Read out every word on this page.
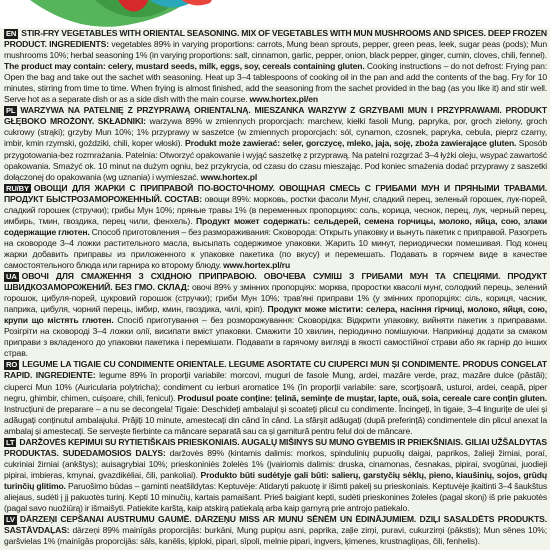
EN STIR-FRY VEGETABLES WITH ORIENTAL SEASONING. MIX OF VEGETABLES WITH MUN MUSHROOMS AND SPICES. DEEP FROZEN PRODUCT. INGREDIENTS: vegetables 89% in varying proportions: carrots, Mung bean sprouts, pepper, green peas, leek, sugar peas (pods); Mun mushrooms 10%; herbal seasoning 1% (in varying proportions: salt, cinnamon, garlic, pepper, onion, black pepper, ginger, cumin, cloves, chili, fennel). The product may contain: celery, mustard seeds, milk, eggs, soy, cereals containing gluten. Cooking instructions – do not defrost: Frying pan: Open the bag and take out the sachet with seasoning. Heat up 3–4 tablespoons of cooking oil in the pan and add the contents of the bag. Fry for 10 minutes, stirring from time to time. When frying is almost finished, add the seasoning from the sachet provided in the bag (as you like it) and stir well. Serve hot as a separate dish or as a side dish with the main course. www.hortex.pl/en

PL WARZYWA NA PATELNIĘ Z PRZYPRAWĄ ORIENTALNĄ. MIESZANKA WARZYW Z GRZYBAMI MUN I PRZYPRAWAMI. PRODUKT GŁĘBOKO MROŻONY. SKŁADNIKI: warzywa 89% w zmiennych proporcjach: marchew, kiełki fasoli Mung, papryka, por, groch zielony, groch cukrowy (strąki); grzyby Mun 10%; 1% przyprawy w saszetce (w zmiennych proporcjach: sól, cynamon, czosnek, papryka, cebula, pieprz czarny, imbir, kmin rzymski, goździki, chili, koper włoski). Produkt może zawierać: seler, gorczycę, mleko, jaja, soję, zboża zawierające gluten. Sposób przygotowania-bez rozmrażania. Patelnia: Otworzyć opakowanie i wyjąć saszetkę z przyprawą. Na patelni rozgrzać 3–4 łyżki oleju, wsypać zawartość opakowania. Smażyć ok. 10 minut na dużym ogniu, bez przykrycia, od czasu do czasu mieszając. Pod koniec smażenia dodać przyprawy z saszetki dołączonej do opakowania (wg uznania) i wymieszać. www.hortex.pl

RU/BY ОВОЩИ ДЛЯ ЖАРКИ С ПРИПРАВОЙ ПО-ВОСТОЧНОМУ. ОВОЩНАЯ СМЕСЬ С ГРИБАМИ МУН И ПРЯНЫМИ ТРАВАМИ. ПРОДУКТ БЫСТРОЗАМОРОЖЕННЫЙ. СОСТАВ: овощи 89%: морковь, ростки фасоли Мунг, сладкий перец, зеленый горошек, лук-порей, сладкий горошек (стручки); грибы Мун 10%; пряные травы 1% (в переменных пропорциях: соль, корица, чеснок, перец, лук, черный перец, имбирь, тмин, гвоздика, перец чили, фенхель). Продукт может содержать: сельдерей, семена горчицы, молоко, яйца, сою, злаки содержащие глютен. Способ приготовления – без размораживания: Сковорода: Открыть упаковку и вынуть пакетик с приправой. Разогреть на сковороде 3–4 ложки растительного масла, высыпать содержимое упаковки. Жарить 10 минут, периодически помешивая. Под конец жарки добавить приправы из приложенного к упаковке пакетика (по вкусу) и перемешать. Подавать в горячем виде в качестве самостоятельного блюда или гарнира ко второму блюду. www.hortex.pl/ru

UA ОВОЧІ ДЛЯ СМАЖЕННЯ З СХІДНОЮ ПРИПРАВОЮ. ОВОЧЕВА СУМІШ З ГРИБАМИ МУН ТА СПЕЦІЯМИ. ПРОДУКТ ШВИДКОЗАМОРОЖЕНИЙ. БЕЗ ГМО. СКЛАД: овочі 89% у змінних пропорціях: морква, проростки квасолі мунг, солодкий перець, зелений горошок, цибуля-порей, цукровий горошок (стручки); гриби Мун 10%; трав'яні приправи 1% (у змінних пропорціях: сіль, кориця, часник, паприка, цибуля, чорний перець, імбир, кмин, гвоздика, чилі, кріп). Продукт може містити: селера, насіння гірчиці, молоко, яйця, сою, крупи що містять глютен. Спосіб приготування – без розморожування: Сковорідка: Відкрити упаковку, вийняти пакетик з приправами. Розігріти на сковороді 3–4 ложки олії, висипати вміст упаковки. Смажити 10 хвилин, періодично помішуючи. Наприкінці додати за смаком приправи з вкладеного до упаковки пакетика і перемішати. Подавати в гарячому вигляді в якості самостійної страви або як гарнір до інших страв.

RO LEGUME LA TIGAIE CU CONDIMENTE ORIENTALE. LEGUME ASORTATE CU CIUPERCI MUN ȘI CONDIMENTE. PRODUS CONGELAT RAPID. INGREDIENTE: legume 89% în proporții variabile: morcovi, muguri de fasole Mung, ardei, mazăre verde, praz, mazăre dulce (păstăi); ciuperci Mun 10% (Auricularia polytricha); condiment cu ierburi aromatice 1% (în proporții variabile: sare, scorțișoară, usturoi, ardei, ceapă, piper negru, ghimbir, chimen, cuișoare, chili, fenicul). Produsul poate conține: țelină, semințe de muștar, lapte, ouă, soia, cereale care conțin gluten. Instrucțiuni de preparare – a nu se decongela! Tigaie: Deschideți ambalajul și scoateți plicul cu condimente. Încingeți, în tigaie, 3–4 lingurițe de ulei și adăugați conținutul ambalajului. Prăjiți 10 minute, amestecați din când în când. La sfârșit adăugați (după preferință) condimentele din plicul anexat la ambalaj și amestecați. Se servește fierbinte ca mâncare separată sau ca și garnitură pentru felul doi de mâncare.

LT DARŽOVĖS KEPIMUI SU RYTIETIŠKAIS PRIESKONIAIS. AUGALŲ MIŠINYS SU MUNO GYBEMIS IR PRIEKŠNIAIS. GILIAI UŽŠALDYTAS PRODUKTAS. SUDEDAMOSIOS DALYS: daržovės 89% (kintamis dalimis: morkos, spindulinių pupuolių daigai, paprikos, žalieji žirniai, poraí, cukriniai žirniai (ankštys); auisagrybiai 10%; prieskoniniės žolelės 1% (įvairiomis dalimis: druska, cinamonas, česnakas, pipirai, svogūnai, juodieji pipirai, imbieras, kmynai, gvazdikėliai, čili, pankoliai). Produkto būti sudėtyje gali būti: salierų, garstyčių sėklų, pieno, kiaušinių, sojos, grūdų turinčių glitimo. Paruošimo būdas – gaminti neatšildytas: Keptuvėje: Atidaryti pakuotę ir išimti pakelį su prieskoniais. Keptuvėje įkaitinti 3–4 šaukštus aliejaus, sudėti į jį pakuotės turinį. Kepti 10 minučių, kartais pamaišant. Prieš baigiant kepti, sudėti prieskonines žoleles (pagal skonį) iš prie pakuotės (pagal savo nuožiūrą) ir išmaišyti. Patiekite karštą, kaip atskirą patiekalą arba kaip garnyrą prie antrojo patiekalo.

LV DĀRZEŅI CEPŠANAI AUSTRUMU GAUMĒ. DĀRZEŅU MISS AR MUNU SĒNĒM UN ĒDINĀJUMIEM. DZIĻI SASALDĒTS PRODUKTS. SASTĀVDAĻAS: dārzeņi 89% mainīgās proporcijās: burkāni, Mung pupiņu asni, paprika, zaļie zirņi, puravi, cukurzirņi (pākstis); Mun sēnes 10%; garšvielas 1% (mainīgās proporcijās: sāls, kanēlis, ķiploki, pipari, sīpoli, melnie pipari, ingvers, ķimenes, krustnagliņas, čili, fenhelis).
